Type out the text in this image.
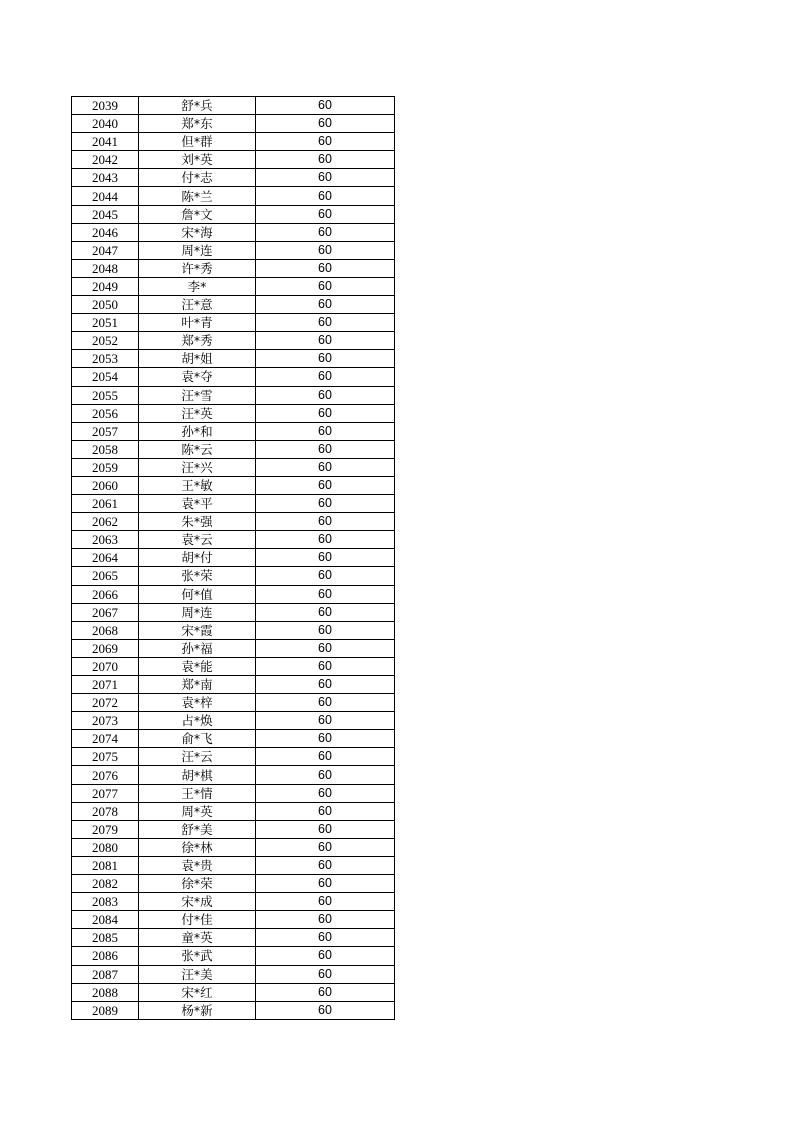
2039	舒*兵	60
2040	郑*东	60
2041	但*群	60
2042	刘*英	60
2043	付*志	60
2044	陈*兰	60
2045	詹*文	60
2046	宋*海	60
2047	周*连	60
2048	许*秀	60
2049	李*	60
2050	汪*意	60
2051	叶*青	60
2052	郑*秀	60
2053	胡*姐	60
2054	袁*夺	60
2055	汪*雪	60
2056	汪*英	60
2057	孙*和	60
2058	陈*云	60
2059	汪*兴	60
2060	王*敏	60
2061	袁*平	60
2062	朱*强	60
2063	袁*云	60
2064	胡*付	60
2065	张*荣	60
2066	何*值	60
2067	周*连	60
2068	宋*霞	60
2069	孙*福	60
2070	袁*能	60
2071	郑*南	60
2072	袁*梓	60
2073	占*焕	60
2074	俞*飞	60
2075	汪*云	60
2076	胡*棋	60
2077	王*情	60
2078	周*英	60
2079	舒*美	60
2080	徐*林	60
2081	袁*贵	60
2082	徐*荣	60
2083	宋*成	60
2084	付*佳	60
2085	童*英	60
2086	张*武	60
2087	汪*美	60
2088	宋*红	60
2089	杨*新	60
